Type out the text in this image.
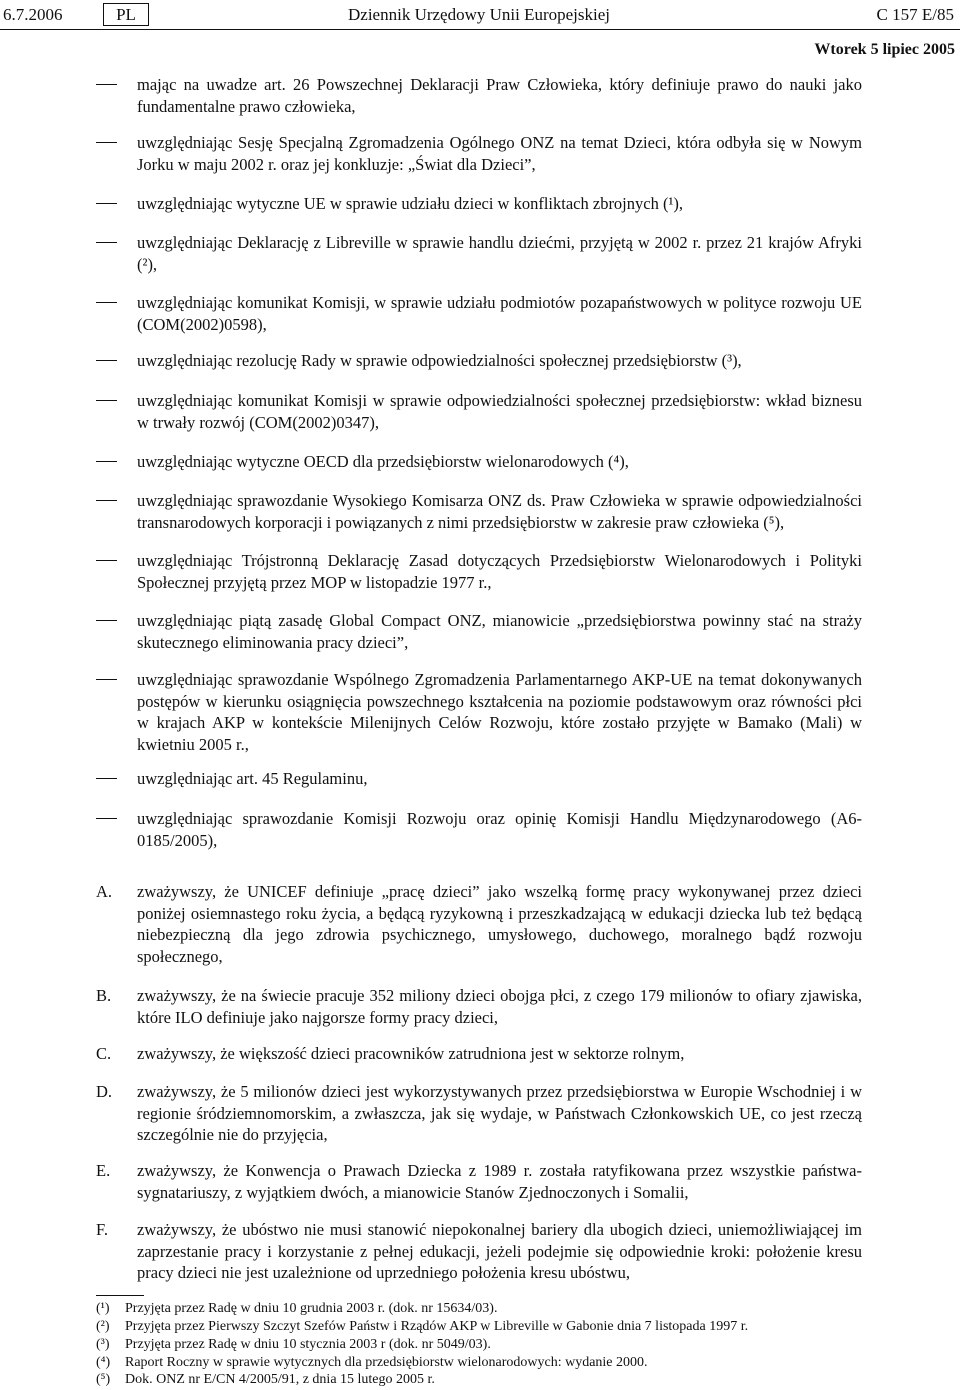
6.7.2006	PL	Dziennik Urzędowy Unii Europejskiej	C 157 E/85
Wtorek 5 lipiec 2005
mając na uwadze art. 26 Powszechnej Deklaracji Praw Człowieka, który definiuje prawo do nauki jako fundamentalne prawo człowieka,
uwzględniając Sesję Specjalną Zgromadzenia Ogólnego ONZ na temat Dzieci, która odbyła się w Nowym Jorku w maju 2002 r. oraz jej konkluzje: „Świat dla Dzieci”,
uwzględniając wytyczne UE w sprawie udziału dzieci w konfliktach zbrojnych (¹),
uwzględniając Deklarację z Libreville w sprawie handlu dziećmi, przyjętą w 2002 r. przez 21 krajów Afryki (²),
uwzględniając komunikat Komisji, w sprawie udziału podmiotów pozapaństwowych w polityce rozwoju UE (COM(2002)0598),
uwzględniając rezolucję Rady w sprawie odpowiedzialności społecznej przedsiębiorstw (³),
uwzględniając komunikat Komisji w sprawie odpowiedzialności społecznej przedsiębiorstw: wkład biznesu w trwały rozwój (COM(2002)0347),
uwzględniając wytyczne OECD dla przedsiębiorstw wielonarodowych (⁴),
uwzględniając sprawozdanie Wysokiego Komisarza ONZ ds. Praw Człowieka w sprawie odpowiedzialności transnarodowych korporacji i powiązanych z nimi przedsiębiorstw w zakresie praw człowieka (⁵),
uwzględniając Trójstronną Deklarację Zasad dotyczących Przedsiębiorstw Wielonarodowych i Polityki Społecznej przyjętą przez MOP w listopadzie 1977 r.,
uwzględniając piątą zasadę Global Compact ONZ, mianowicie „przedsiębiorstwa powinny stać na straży skutecznego eliminowania pracy dzieci”,
uwzględniając sprawozdanie Wspólnego Zgromadzenia Parlamentarnego AKP-UE na temat dokonywanych postępów w kierunku osiągnięcia powszechnego kształcenia na poziomie podstawowym oraz równości płci w krajach AKP w kontekście Milenijnych Celów Rozwoju, które zostało przyjęte w Bamako (Mali) w kwietniu 2005 r.,
uwzględniając art. 45 Regulaminu,
uwzględniając sprawozdanie Komisji Rozwoju oraz opinię Komisji Handlu Międzynarodowego (A6-0185/2005),
A. zważywszy, że UNICEF definiuje „pracę dzieci” jako wszelką formę pracy wykonywanej przez dzieci poniżej osiemnastego roku życia, a będącą ryzykowną i przeszkadzającą w edukacji dziecka lub też będącą niebezpieczną dla jego zdrowia psychicznego, umysłowego, duchowego, moralnego bądź rozwoju społecznego,
B. zważywszy, że na świecie pracuje 352 miliony dzieci obojga płci, z czego 179 milionów to ofiary zjawiska, które ILO definiuje jako najgorsze formy pracy dzieci,
C. zważywszy, że większość dzieci pracowników zatrudniona jest w sektorze rolnym,
D. zważywszy, że 5 milionów dzieci jest wykorzystywanych przez przedsiębiorstwa w Europie Wschodniej i w regionie śródziemnomorskim, a zwłaszcza, jak się wydaje, w Państwach Członkowskich UE, co jest rzeczą szczególnie nie do przyjęcia,
E. zważywszy, że Konwencja o Prawach Dziecka z 1989 r. została ratyfikowana przez wszystkie państwa-sygnatariuszy, z wyjątkiem dwóch, a mianowicie Stanów Zjednoczonych i Somalii,
F. zważywszy, że ubóstwo nie musi stanowić niepokonalnej bariery dla ubogich dzieci, uniemożliwiającej im zaprzestanie pracy i korzystanie z pełnej edukacji, jeżeli podejmie się odpowiednie kroki: położenie kresu pracy dzieci nie jest uzależnione od uprzedniego położenia kresu ubóstwu,
(¹) Przyjęta przez Radę w dniu 10 grudnia 2003 r. (dok. nr 15634/03).
(²) Przyjęta przez Pierwszy Szczyt Szefów Państw i Rządów AKP w Libreville w Gabonie dnia 7 listopada 1997 r.
(³) Przyjęta przez Radę w dniu 10 stycznia 2003 r (dok. nr 5049/03).
(⁴) Raport Roczny w sprawie wytycznych dla przedsiębiorstw wielonarodowych: wydanie 2000.
(⁵) Dok. ONZ nr E/CN 4/2005/91, z dnia 15 lutego 2005 r.
